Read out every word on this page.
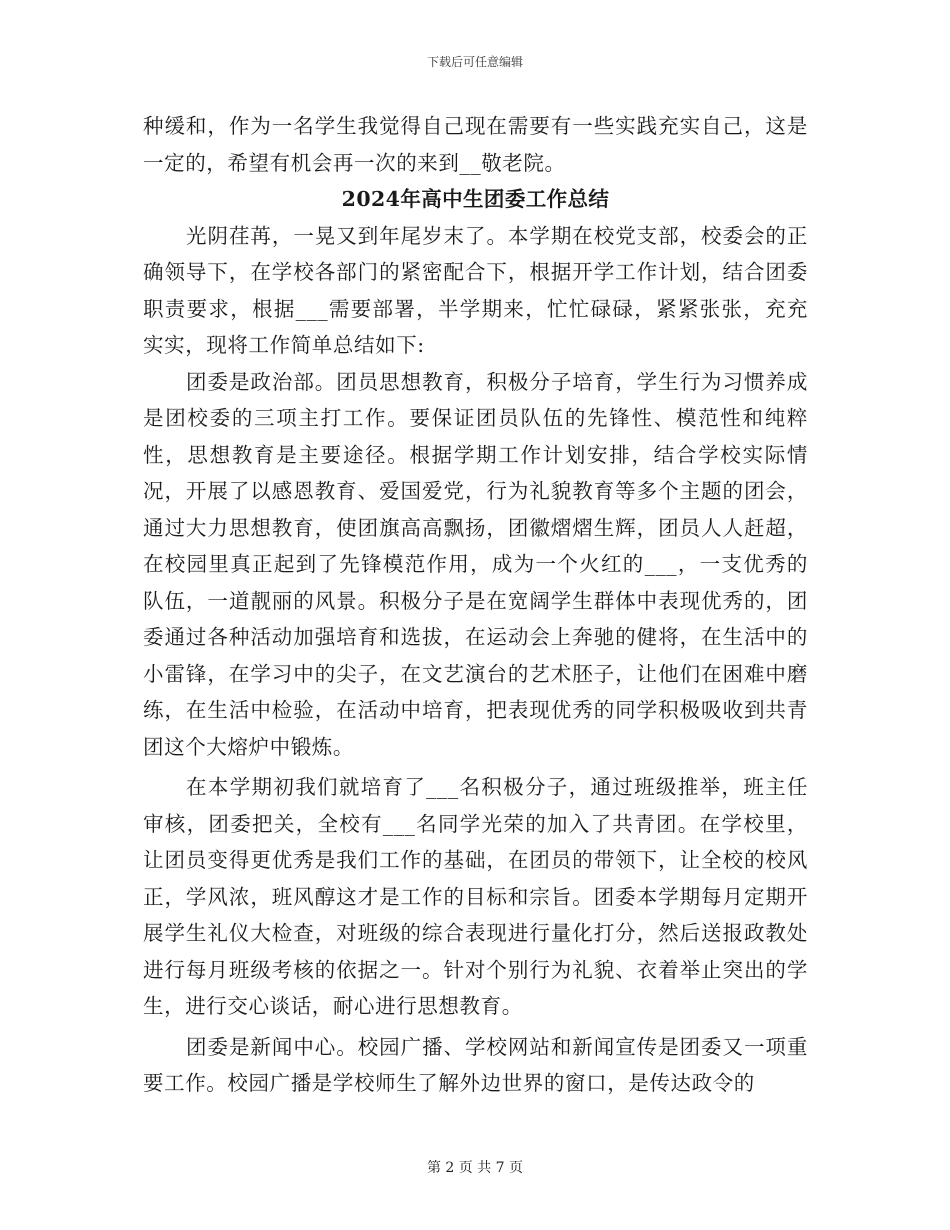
下载后可任意编辑

种缓和，作为一名学生我觉得自己现在需要有一些实践充实自己，这是一定的，希望有机会再一次的来到__敬老院。

2024年高中生团委工作总结

光阴荏苒，一晃又到年尾岁末了。本学期在校党支部，校委会的正确领导下，在学校各部门的紧密配合下，根据开学工作计划，结合团委职责要求，根据___需要部署，半学期来，忙忙碌碌，紧紧张张，充充实实，现将工作简单总结如下:

团委是政治部。团员思想教育，积极分子培育，学生行为习惯养成是团校委的三项主打工作。要保证团员队伍的先锋性、模范性和纯粹性，思想教育是主要途径。根据学期工作计划安排，结合学校实际情况，开展了以感恩教育、爱国爱党，行为礼貌教育等多个主题的团会，通过大力思想教育，使团旗高高飘扬，团徽熠熠生辉，团员人人赶超，在校园里真正起到了先锋模范作用，成为一个火红的___，一支优秀的队伍，一道靓丽的风景。积极分子是在宽阔学生群体中表现优秀的，团委通过各种活动加强培育和选拔，在运动会上奔驰的健将，在生活中的小雷锋，在学习中的尖子，在文艺演台的艺术胚子，让他们在困难中磨练，在生活中检验，在活动中培育，把表现优秀的同学积极吸收到共青团这个大熔炉中锻炼。

在本学期初我们就培育了___名积极分子，通过班级推举，班主任审核，团委把关，全校有___名同学光荣的加入了共青团。在学校里，让团员变得更优秀是我们工作的基础，在团员的带领下，让全校的校风正，学风浓，班风醇这才是工作的目标和宗旨。团委本学期每月定期开展学生礼仪大检查，对班级的综合表现进行量化打分，然后送报政教处进行每月班级考核的依据之一。针对个别行为礼貌、衣着举止突出的学生，进行交心谈话，耐心进行思想教育。

团委是新闻中心。校园广播、学校网站和新闻宣传是团委又一项重要工作。校园广播是学校师生了解外边世界的窗口，是传达政令的

第 2 页 共 7 页
